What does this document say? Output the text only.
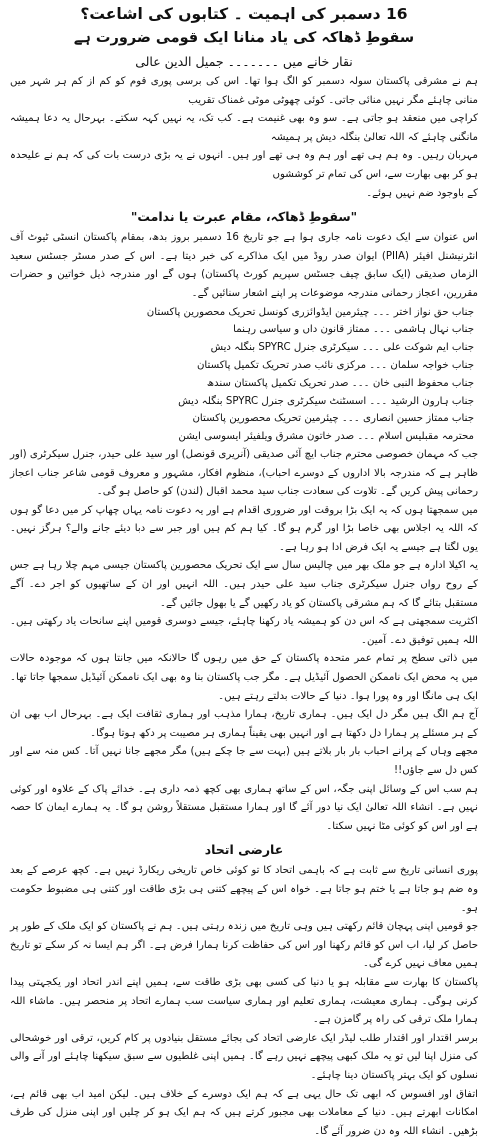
16 دسمبر کی اہمیت ۔ کتابوں کی اشاعت؟
سقوطِ ڈھاکہ کی یاد منانا ایک قومی ضرورت ہے
نقار خانے میں ۔۔۔۔۔۔۔ جمیل الدین عالی

ہم نے مشرقی پاکستان سولہ دسمبر کو الگ ہوا تھا۔ اس کی برسی پوری قوم کو کم از کم ہر شہر میں منانی چاہئے مگر نہیں منائی جاتی۔ کوئی چھوٹی موٹی غمناک تقریب

کراچی میں منعقد ہو جاتی ہے۔ سو وہ بھی غنیمت ہے۔ کب تک، یہ نہیں کہہ سکتے۔ بہرحال یہ دعا ہمیشہ مانگنی چاہئے کہ اللہ تعالیٰ بنگلہ دیش پر ہمیشہ

مہربان رہیں۔ وہ ہم ہی تھے اور ہم وہ ہی تھے اور ہیں۔ انہوں نے یہ بڑی درست بات کی کہ ہم نے علیحدہ ہو کر بھی بھارت سے، اس کی تمام تر کوششوں

کے باوجود ضم نہیں ہوئے۔

"سقوطِ ڈھاکہ، مقام عبرت یا ندامت"

اس عنوان سے ایک دعوت نامہ جاری ہوا ہے جو تاریخ 16 دسمبر بروز بدھ، بمقام پاکستان انسٹی ٹیوٹ آف انٹرنیشنل افیئر (PIIA) ایوان صدر روڈ میں ایک مذاکرے کی خبر دیتا ہے۔ اس کے صدر مسٹر جسٹس سعید الزماں صدیقی (ایک سابق چیف جسٹس سپریم کورٹ پاکستان) ہوں گے اور مندرجہ ذیل خواتین و حضرات مقررین، اعجاز رحمانی مندرجہ موضوعات پر اپنے اشعار سنائیں گے۔

جناب حق نواز اختر ۔۔۔ چیئرمین ایڈوائزری کونسل تحریک محصورین پاکستان
جناب نہال ہاشمی ۔۔۔ ممتاز قانون داں و سیاسی رہنما
جناب ایم شوکت علی ۔۔۔ سیکرٹری جنرل SPYRC بنگلہ دیش
جناب خواجہ سلمان ۔۔۔ مرکزی نائب صدر تحریک تکمیل پاکستان
جناب محفوظ النبی خان ۔۔۔ صدر تحریک تکمیل پاکستان سندھ
جناب ہارون الرشید ۔۔۔ اسسٹنٹ سیکرٹری جنرل SPYRC بنگلہ دیش
جناب ممتاز حسین انصاری ۔۔۔ چیئرمین تحریک محصورین پاکستان
محترمہ مقبلیس اسلام ۔۔۔ صدر خاتون مشرق ویلفیئر ایسوسی ایشن

جب کہ مہمان خصوصی محترم جناب ایچ آئی صدیقی (آنریری قونصل) اور سید علی حیدر، جنرل سیکرٹری (اور ظاہر ہے کہ مندرجہ بالا اداروں کے دوسرے احباب)، منظوم افکار، مشہور و معروف قومی شاعر جناب اعجاز رحمانی پیش کریں گے۔ تلاوت کی سعادت جناب سید محمد اقبال (لندن) کو حاصل ہو گی۔

میں سمجھتا ہوں کہ یہ ایک بڑا بروقت اور ضروری اقدام ہے اور یہ دعوت نامہ یہاں چھاپ کر میں دعا گو ہوں کہ اللہ یہ اجلاس بھی خاصا بڑا اور گرم ہو گا۔ کیا ہم کم ہیں اور جبر سے دبا دیئے جانے والے؟ ہرگز نہیں۔ یوں لگتا ہے جیسے یہ ایک فرض ادا ہو رہا ہے۔

یہ اکیلا ادارہ ہے جو ملک بھر میں چالیس سال سے ایک تحریک محصورین پاکستان جیسی مہم چلا رہا ہے جس کے روح رواں جنرل سیکرٹری جناب سید علی حیدر ہیں۔ اللہ انہیں اور ان کے ساتھیوں کو اجر دے۔ آگے مستقبل بتائے گا کہ ہم مشرقی پاکستان کو یاد رکھیں گے یا بھول جائیں گے۔

اکثریت سمجھتی ہے کہ اس دن کو ہمیشہ یاد رکھنا چاہئے، جیسے دوسری قومیں اپنے سانحات یاد رکھتی ہیں۔ اللہ ہمیں توفیق دے۔ آمین۔

میں ذاتی سطح پر تمام عمر متحدہ پاکستان کے حق میں رہوں گا حالانکہ میں جانتا ہوں کہ موجودہ حالات میں یہ محض ایک ناممکن الحصول آئیڈیل ہے۔ مگر جب پاکستان بنا وہ بھی ایک ناممکن آئیڈیل سمجھا جاتا تھا۔ ایک ہی مانگا اور وہ پورا ہوا۔ دنیا کے حالات بدلتے رہتے ہیں۔

آج ہم الگ ہیں مگر دل ایک ہیں۔ ہماری تاریخ، ہمارا مذہب اور ہماری ثقافت ایک ہے۔ بہرحال اب بھی ان کے ہر مسئلے پر ہمارا دل دکھتا ہے اور انہیں بھی یقیناً ہماری ہر مصیبت پر دکھ ہوتا ہوگا۔

مجھے وہاں کے پرانے احباب بار بار بلاتے ہیں (بہت سے جا چکے ہیں) مگر مجھے جانا نہیں آتا۔ کس منہ سے اور کس دل سے جاؤں!!

ہم سب اس کے وسائل اپنی جگہ، اس کے ساتھ ہماری بھی کچھ ذمہ داری ہے۔ خدائے پاک کے علاوہ اور کوئی نہیں ہے۔ انشاء اللہ تعالیٰ ایک نیا دور آئے گا اور ہمارا مستقبل مستقلاً روشن ہو گا۔ یہ ہمارے ایمان کا حصہ ہے اور اس کو کوئی مٹا نہیں سکتا۔

عارضی اتحاد

پوری انسانی تاریخ سے ثابت ہے کہ باہمی اتحاد کا تو کوئی خاص تاریخی ریکارڈ نہیں ہے۔ کچھ عرصے کے بعد وہ ضم ہو جاتا ہے یا ختم ہو جاتا ہے۔ خواہ اس کے پیچھے کتنی ہی بڑی طاقت اور کتنی ہی مضبوط حکومت ہو۔

جو قومیں اپنی پہچان قائم رکھتی ہیں وہی تاریخ میں زندہ رہتی ہیں۔ ہم نے پاکستان کو ایک ملک کے طور پر حاصل کر لیا، اب اس کو قائم رکھنا اور اس کی حفاظت کرنا ہمارا فرض ہے۔ اگر ہم ایسا نہ کر سکے تو تاریخ ہمیں معاف نہیں کرے گی۔

پاکستان کا بھارت سے مقابلہ ہو یا دنیا کی کسی بھی بڑی طاقت سے، ہمیں اپنے اندر اتحاد اور یکجہتی پیدا کرنی ہوگی۔ ہماری معیشت، ہماری تعلیم اور ہماری سیاست سب ہمارے اتحاد پر منحصر ہیں۔ ماشاء اللہ ہمارا ملک ترقی کی راہ پر گامزن ہے۔

برسر اقتدار اور اقتدار طلب لیڈر ایک عارضی اتحاد کی بجائے مستقل بنیادوں پر کام کریں، ترقی اور خوشحالی کی منزل اپنا لیں تو یہ ملک کبھی پیچھے نہیں رہے گا۔ ہمیں اپنی غلطیوں سے سبق سیکھنا چاہئے اور آنے والی نسلوں کو ایک بہتر پاکستان دینا چاہئے۔

اتفاق اور افسوس کہ ابھی تک حال یہی ہے کہ ہم ایک دوسرے کے خلاف ہیں۔ لیکن امید اب بھی قائم ہے، امکانات ابھرتے ہیں۔ دنیا کے معاملات بھی مجبور کرتے ہیں کہ ہم ایک ہو کر چلیں اور اپنی منزل کی طرف بڑھیں۔ انشاء اللہ وہ دن ضرور آئے گا۔
